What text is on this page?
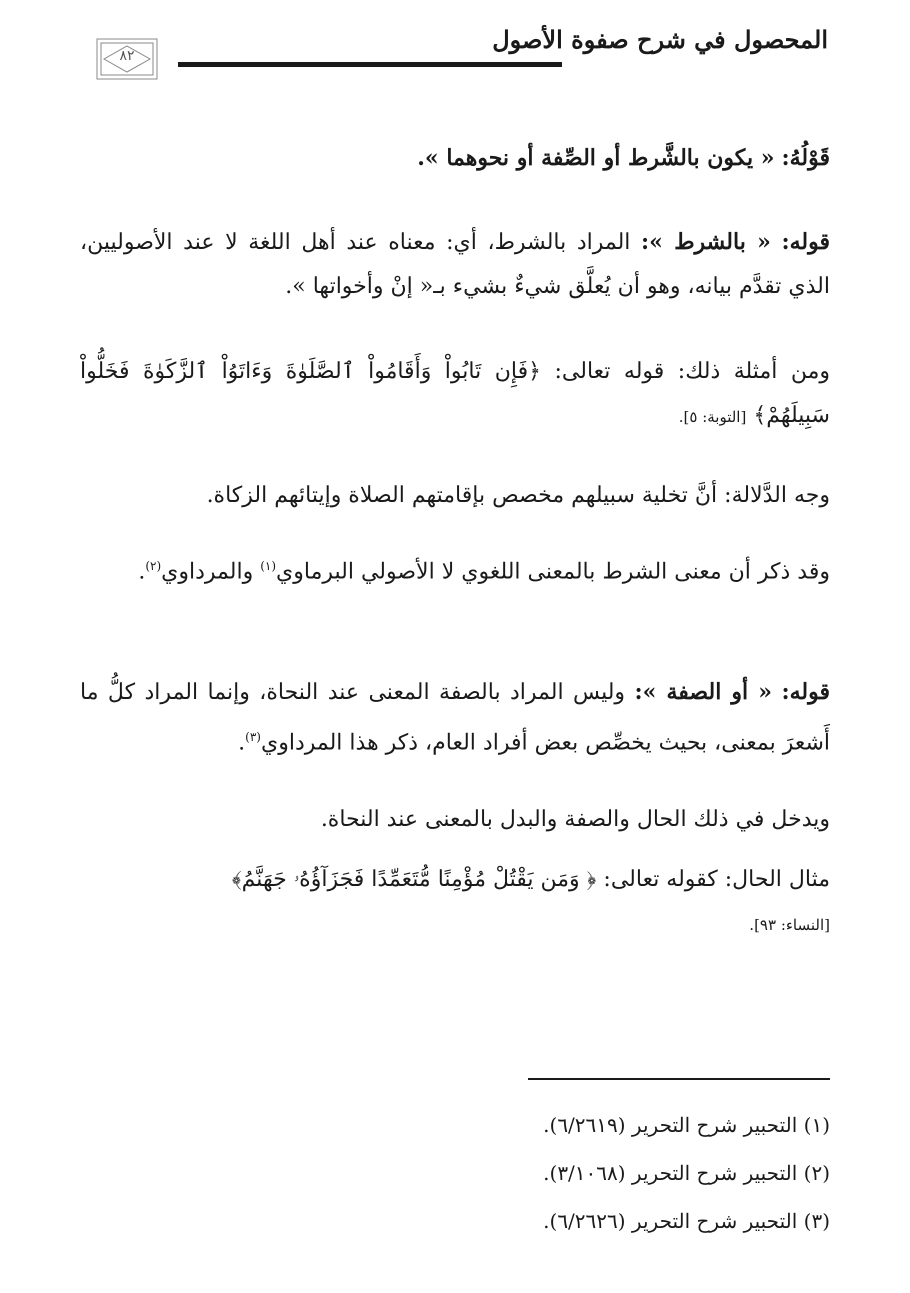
المحصول في شرح صفوة الأصول
٨٢

قَوْلُهُ: « يكون بالشَّرط أو الصِّفة أو نحوهما ».

قوله: « بالشرط »: المراد بالشرط، أي: معناه عند أهل اللغة لا عند الأصوليين، الذي تقدَّم بيانه، وهو أن يُعلَّق شيءٌ بشيء بـ« إنْ وأخواتها ».

ومن أمثلة ذلك: قوله تعالى: ﴿فَإِن تَابُواْ وَأَقَامُواْ ٱلصَّلَوٰةَ وَءَاتَوُاْ ٱلزَّكَوٰةَ فَخَلُّواْ سَبِيلَهُمْ﴾ [التوبة: ٥].

وجه الدَّلالة: أنَّ تخلية سبيلهم مخصص بإقامتهم الصلاة وإيتائهم الزكاة.

وقد ذكر أن معنى الشرط بالمعنى اللغوي لا الأصولي البرماوي$^{(١)}$ والمرداوي$^{(٢)}$.

قوله: « أو الصفة »: وليس المراد بالصفة المعنى عند النحاة، وإنما المراد كلُّ ما أَشعرَ بمعنى، بحيث يخصِّص بعض أفراد العام، ذكر هذا المرداوي$^{(٣)}$.

ويدخل في ذلك الحال والصفة والبدل بالمعنى عند النحاة.

مثال الحال: كقوله تعالى: ﴿ وَمَن يَقْتُلْ مُؤْمِنًا مُّتَعَمِّدًا فَجَزَآؤُهُۥ جَهَنَّمُ﴾
[النساء: ٩٣].

(١) التحبير شرح التحرير (٦/٢٦١٩).
(٢) التحبير شرح التحرير (٣/١٠٦٨).
(٣) التحبير شرح التحرير (٦/٢٦٢٦).
